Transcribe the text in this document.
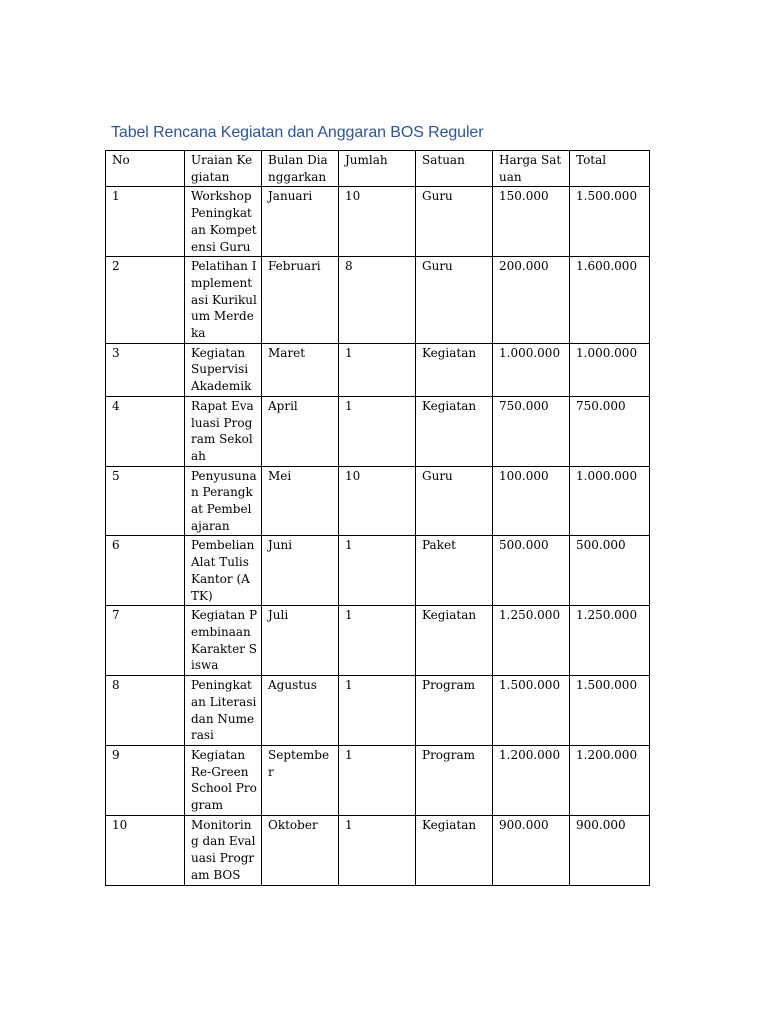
Tabel Rencana Kegiatan dan Anggaran BOS Reguler
No	Uraian Kegiatan	Bulan Dianggarkan	Jumlah	Satuan	Harga Satuan	Total
1	Workshop Peningkatan Kompetensi Guru	Januari	10	Guru	150.000	1.500.000
2	Pelatihan Implementasi Kurikulum Merdeka	Februari	8	Guru	200.000	1.600.000
3	Kegiatan Supervisi Akademik	Maret	1	Kegiatan	1.000.000	1.000.000
4	Rapat Evaluasi Program Sekolah	April	1	Kegiatan	750.000	750.000
5	Penyusunan Perangkat Pembelajaran	Mei	10	Guru	100.000	1.000.000
6	Pembelian Alat Tulis Kantor (ATK)	Juni	1	Paket	500.000	500.000
7	Kegiatan Pembinaan Karakter Siswa	Juli	1	Kegiatan	1.250.000	1.250.000
8	Peningkatan Literasi dan Numerasi	Agustus	1	Program	1.500.000	1.500.000
9	Kegiatan Re-Green School Program	September	1	Program	1.200.000	1.200.000
10	Monitoring dan Evaluasi Program BOS	Oktober	1	Kegiatan	900.000	900.000
